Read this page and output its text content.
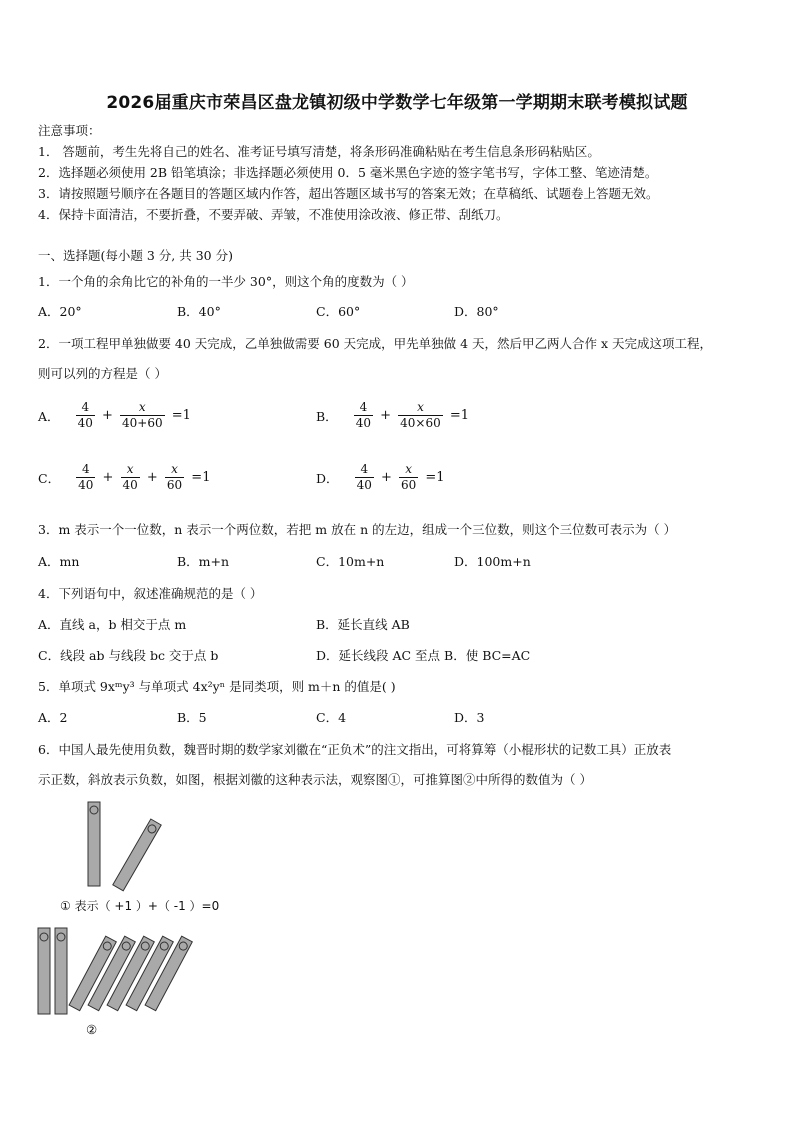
2026届重庆市荣昌区盘龙镇初级中学数学七年级第一学期期末联考模拟试题
注意事项：
1． 答题前，考生先将自己的姓名、准考证号填写清楚，将条形码准确粘贴在考生信息条形码粘贴区。
2．选择题必须使用 2B 铅笔填涂；非选择题必须使用 0．5 毫米黑色字迹的签字笔书写，字体工整、笔迹清楚。
3．请按照题号顺序在各题目的答题区域内作答，超出答题区域书写的答案无效；在草稿纸、试题卷上答题无效。
4．保持卡面清洁，不要折叠，不要弄破、弄皱，不准使用涂改液、修正带、刮纸刀。
一、选择题(每小题 3 分, 共 30 分)
1．一个角的余角比它的补角的一半少 30°，则这个角的度数为（ ）
A．20°	B．40°	C．60°	D．80°
2．一项工程甲单独做要 40 天完成，乙单独做需要 60 天完成，甲先单独做 4 天，然后甲乙两人合作 x 天完成这项工程，
则可以列的方程是（ ）
A． $\frac{4}{40} + \frac{x}{40+60} =1$	B． $\frac{4}{40} + \frac{x}{40\times 60} =1$
C． $\frac{4}{40} + \frac{x}{40} + \frac{x}{60} =1$	D． $\frac{4}{40} + \frac{x}{60} =1$
3．m 表示一个一位数，n 表示一个两位数，若把 m 放在 n 的左边，组成一个三位数，则这个三位数可表示为（ ）
A．mn	B．m+n	C．10m+n	D．100m+n
4．下列语句中，叙述准确规范的是（ ）
A．直线 a，b 相交于点 m	B．延长直线 AB
C．线段 ab 与线段 bc 交于点 b	D．延长线段 AC 至点 B．使 BC=AC
5．单项式 9xᵐy³ 与单项式 4x²yⁿ 是同类项，则 m＋n 的值是( )
A．2	B．5	C．4	D．3
6．中国人最先使用负数，魏晋时期的数学家刘徽在“正负术”的注文指出，可将算筹（小棍形状的记数工具）正放表
示正数，斜放表示负数，如图，根据刘徽的这种表示法，观察图①，可推算图②中所得的数值为（ ）
① 表示（ +1 ）+（ -1 ）=0
②
